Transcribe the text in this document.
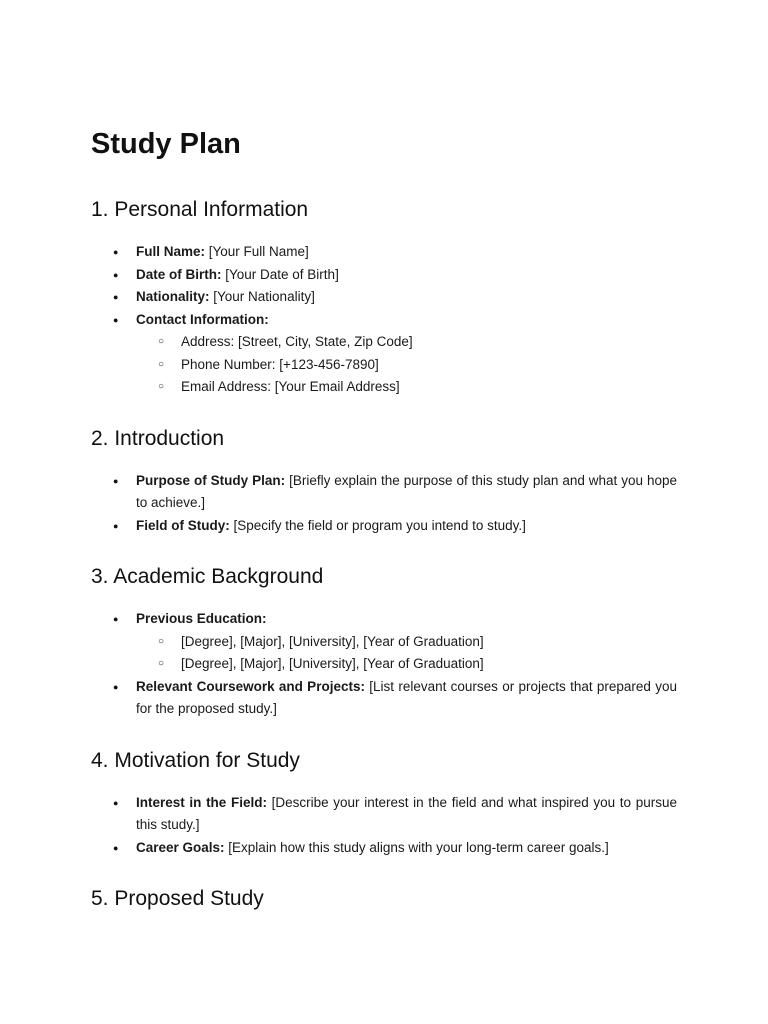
Study Plan
1. Personal Information
● Full Name: [Your Full Name]
● Date of Birth: [Your Date of Birth]
● Nationality: [Your Nationality]
● Contact Information:
○ Address: [Street, City, State, Zip Code]
○ Phone Number: [+123-456-7890]
○ Email Address: [Your Email Address]
2. Introduction
● Purpose of Study Plan: [Briefly explain the purpose of this study plan and what you hope to achieve.]
● Field of Study: [Specify the field or program you intend to study.]
3. Academic Background
● Previous Education:
○ [Degree], [Major], [University], [Year of Graduation]
○ [Degree], [Major], [University], [Year of Graduation]
● Relevant Coursework and Projects: [List relevant courses or projects that prepared you for the proposed study.]
4. Motivation for Study
● Interest in the Field: [Describe your interest in the field and what inspired you to pursue this study.]
● Career Goals: [Explain how this study aligns with your long-term career goals.]
5. Proposed Study
